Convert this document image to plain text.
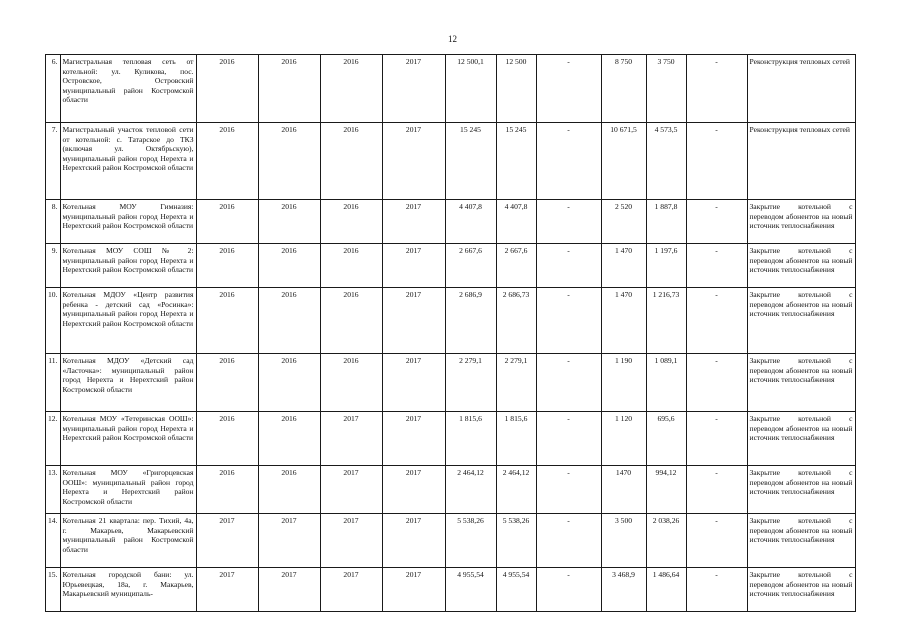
12
6.	Магистральная тепловая сеть от котельной: ул. Куликова, пос. Островское, Островский муниципальный район Костромской области	2016	2016	2016	2017	12 500,1	12 500	-	8 750	3 750	-	Реконструкция тепловых сетей
7.	Магистральный участок тепловой сети от котельной: с. Татарское до ТКЗ (включая ул. Октябрьскую), муниципальный район город Нерехта и Нерехтский район Костромской области	2016	2016	2016	2017	15 245	15 245	-	10 671,5	4 573,5	-	Реконструкция тепловых сетей
8.	Котельная МОУ Гимназия: муниципальный район город Нерехта и Нерехтский район Костромской области	2016	2016	2016	2017	4 407,8	4 407,8	-	2 520	1 887,8	-	Закрытие котельной с переводом абонентов на новый источник теплоснабжения
9.	Котельная МОУ СОШ № 2: муниципальный район город Нерехта и Нерехтский район Костромской области	2016	2016	2016	2017	2 667,6	2 667,6	-	1 470	1 197,6	-	Закрытие котельной с переводом абонентов на новый источник теплоснабжения
10.	Котельная МДОУ «Центр развития ребенка - детский сад «Росинка»: муниципальный район город Нерехта и Нерехтский район Костромской области	2016	2016	2016	2017	2 686,9	2 686,73	-	1 470	1 216,73	-	Закрытие котельной с переводом абонентов на новый источник теплоснабжения
11.	Котельная МДОУ «Детский сад «Ласточка»: муниципальный район город Нерехта и Нерехтский район Костромской области	2016	2016	2016	2017	2 279,1	2 279,1	-	1 190	1 089,1	-	Закрытие котельной с переводом абонентов на новый источник теплоснабжения
12.	Котельная МОУ «Тетеринская ООШ»: муниципальный район город Нерехта и Нерехтский район Костромской области	2016	2016	2017	2017	1 815,6	1 815,6	-	1 120	695,6	-	Закрытие котельной с переводом абонентов на новый источник теплоснабжения
13.	Котельная МОУ «Григорцевская ООШ»: муниципальный район город Нерехта и Нерехтский район Костромской области	2016	2016	2017	2017	2 464,12	2 464,12	-	1470	994,12	-	Закрытие котельной с переводом абонентов на новый источник теплоснабжения
14.	Котельная 21 квартала: пер. Тихий, 4а, г. Макарьев, Макарьевский муниципальный район Костромской области	2017	2017	2017	2017	5 538,26	5 538,26	-	3 500	2 038,26	-	Закрытие котельной с переводом абонентов на новый источник теплоснабжения
15.	Котельная городской бани: ул. Юрьевецкая, 18а, г. Макарьев, Макарьевский муниципаль-	2017	2017	2017	2017	4 955,54	4 955,54	-	3 468,9	1 486,64	-	Закрытие котельной с переводом абонентов на новый источник теплоснабжения
